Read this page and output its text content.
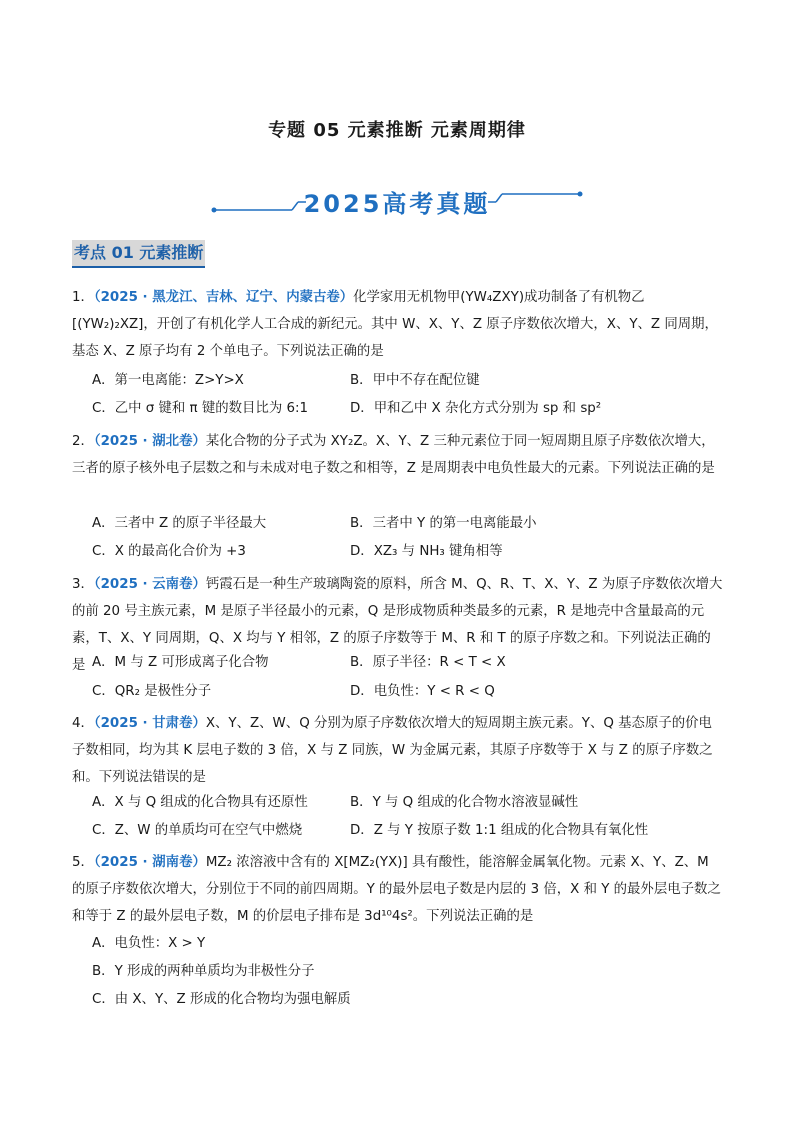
专题 05 元素推断 元素周期律
2025高考真题
考点 01 元素推断
1．（2025 · 黑龙江、吉林、辽宁、内蒙古卷）化学家用无机物甲(YW₄ZXY)成功制备了有机物乙[(YW₂)₂XZ]，开创了有机化学人工合成的新纪元。其中 W、X、Y、Z 原子序数依次增大，X、Y、Z 同周期，基态 X、Z 原子均有 2 个单电子。下列说法正确的是
A．第一电离能：Z>Y>X	B．甲中不存在配位键
C．乙中 σ 键和 π 键的数目比为 6:1	D．甲和乙中 X 杂化方式分别为 sp 和 sp²
2．（2025 · 湖北卷）某化合物的分子式为 XY₂Z。X、Y、Z 三种元素位于同一短周期且原子序数依次增大，三者的原子核外电子层数之和与未成对电子数之和相等，Z 是周期表中电负性最大的元素。下列说法正确的是
A．三者中 Z 的原子半径最大	B．三者中 Y 的第一电离能最小
C．X 的最高化合价为 +3	D．XZ₃ 与 NH₃ 键角相等
3．（2025 · 云南卷）钙霞石是一种生产玻璃陶瓷的原料，所含 M、Q、R、T、X、Y、Z 为原子序数依次增大的前 20 号主族元素，M 是原子半径最小的元素，Q 是形成物质种类最多的元素，R 是地壳中含量最高的元素，T、X、Y 同周期，Q、X 均与 Y 相邻，Z 的原子序数等于 M、R 和 T 的原子序数之和。下列说法正确的是 A．M 与 Z 可形成离子化合物	B．原子半径：R < T < X
C．QR₂ 是极性分子	D．电负性：Y < R < Q
4．（2025 · 甘肃卷）X、Y、Z、W、Q 分别为原子序数依次增大的短周期主族元素。Y、Q 基态原子的价电子数相同，均为其 K 层电子数的 3 倍，X 与 Z 同族，W 为金属元素，其原子序数等于 X 与 Z 的原子序数之和。下列说法错误的是
A．X 与 Q 组成的化合物具有还原性	B．Y 与 Q 组成的化合物水溶液显碱性
C．Z、W 的单质均可在空气中燃烧	D．Z 与 Y 按原子数 1:1 组成的化合物具有氧化性
5．（2025 · 湖南卷）MZ₂ 浓溶液中含有的 X[MZ₂(YX)] 具有酸性，能溶解金属氧化物。元素 X、Y、Z、M 的原子序数依次增大，分别位于不同的前四周期。Y 的最外层电子数是内层的 3 倍，X 和 Y 的最外层电子数之和等于 Z 的最外层电子数，M 的价层电子排布是 3d¹⁰4s²。下列说法正确的是
A．电负性：X > Y
B．Y 形成的两种单质均为非极性分子
C．由 X、Y、Z 形成的化合物均为强电解质
